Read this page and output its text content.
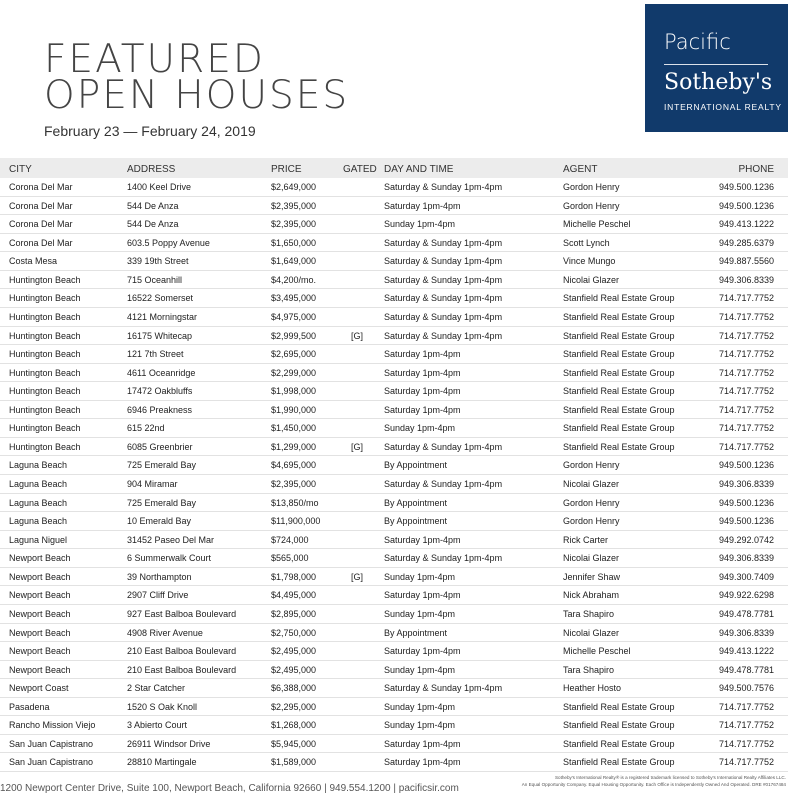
FEATURED
OPEN HOUSES
February 23 — February 24, 2019
Pacific
Sotheby's
INTERNATIONAL REALTY
CITY	ADDRESS	PRICE	GATED DAY AND TIME	AGENT	PHONE
Corona Del Mar	1400 Keel Drive	$2,649,000	Saturday & Sunday 1pm-4pm	Gordon Henry	949.500.1236
Corona Del Mar	544 De Anza	$2,395,000	Saturday 1pm-4pm	Gordon Henry	949.500.1236
Corona Del Mar	544 De Anza	$2,395,000	Sunday 1pm-4pm	Michelle Peschel	949.413.1222
Corona Del Mar	603.5 Poppy Avenue	$1,650,000	Saturday & Sunday 1pm-4pm	Scott Lynch	949.285.6379
Costa Mesa	339 19th Street	$1,649,000	Saturday & Sunday 1pm-4pm	Vince Mungo	949.887.5560
Huntington Beach	715 Oceanhill	$4,200/mo.	Saturday & Sunday 1pm-4pm	Nicolai Glazer	949.306.8339
Huntington Beach	16522 Somerset	$3,495,000	Saturday & Sunday 1pm-4pm	Stanfield Real Estate Group	714.717.7752
Huntington Beach	4121 Morningstar	$4,975,000	Saturday & Sunday 1pm-4pm	Stanfield Real Estate Group	714.717.7752
Huntington Beach	16175 Whitecap	$2,999,500	[G] Saturday & Sunday 1pm-4pm	Stanfield Real Estate Group	714.717.7752
Huntington Beach	121 7th Street	$2,695,000	Saturday 1pm-4pm	Stanfield Real Estate Group	714.717.7752
Huntington Beach	4611 Oceanridge	$2,299,000	Saturday 1pm-4pm	Stanfield Real Estate Group	714.717.7752
Huntington Beach	17472 Oakbluffs	$1,998,000	Saturday 1pm-4pm	Stanfield Real Estate Group	714.717.7752
Huntington Beach	6946 Preakness	$1,990,000	Saturday 1pm-4pm	Stanfield Real Estate Group	714.717.7752
Huntington Beach	615 22nd	$1,450,000	Sunday 1pm-4pm	Stanfield Real Estate Group	714.717.7752
Huntington Beach	6085 Greenbrier	$1,299,000	[G] Saturday & Sunday 1pm-4pm	Stanfield Real Estate Group	714.717.7752
Laguna Beach	725 Emerald Bay	$4,695,000	By Appointment	Gordon Henry	949.500.1236
Laguna Beach	904 Miramar	$2,395,000	Saturday & Sunday 1pm-4pm	Nicolai Glazer	949.306.8339
Laguna Beach	725 Emerald Bay	$13,850/mo	By Appointment	Gordon Henry	949.500.1236
Laguna Beach	10 Emerald Bay	$11,900,000	By Appointment	Gordon Henry	949.500.1236
Laguna Niguel	31452 Paseo Del Mar	$724,000	Saturday 1pm-4pm	Rick Carter	949.292.0742
Newport Beach	6 Summerwalk Court	$565,000	Saturday & Sunday 1pm-4pm	Nicolai Glazer	949.306.8339
Newport Beach	39 Northampton	$1,798,000	[G] Sunday 1pm-4pm	Jennifer Shaw	949.300.7409
Newport Beach	2907 Cliff Drive	$4,495,000	Saturday 1pm-4pm	Nick Abraham	949.922.6298
Newport Beach	927 East Balboa Boulevard	$2,895,000	Sunday 1pm-4pm	Tara Shapiro	949.478.7781
Newport Beach	4908 River Avenue	$2,750,000	By Appointment	Nicolai Glazer	949.306.8339
Newport Beach	210 East Balboa Boulevard	$2,495,000	Saturday 1pm-4pm	Michelle Peschel	949.413.1222
Newport Beach	210 East Balboa Boulevard	$2,495,000	Sunday 1pm-4pm	Tara Shapiro	949.478.7781
Newport Coast	2 Star Catcher	$6,388,000	Saturday & Sunday 1pm-4pm	Heather Hosto	949.500.7576
Pasadena	1520 S Oak Knoll	$2,295,000	Sunday 1pm-4pm	Stanfield Real Estate Group	714.717.7752
Rancho Mission Viejo	3 Abierto Court	$1,268,000	Sunday 1pm-4pm	Stanfield Real Estate Group	714.717.7752
San Juan Capistrano	26911 Windsor Drive	$5,945,000	Saturday 1pm-4pm	Stanfield Real Estate Group	714.717.7752
San Juan Capistrano	28810 Martingale	$1,589,000	Saturday 1pm-4pm	Stanfield Real Estate Group	714.717.7752
1200 Newport Center Drive, Suite 100, Newport Beach, California 92660 | 949.554.1200 | pacificsir.com
Sotheby's International Realty® is a registered trademark licensed to Sotheby's International Realty Affiliates LLC.
An Equal Opportunity Company. Equal Housing Opportunity. Each Office is Independently Owned And Operated. DRE #01767484
